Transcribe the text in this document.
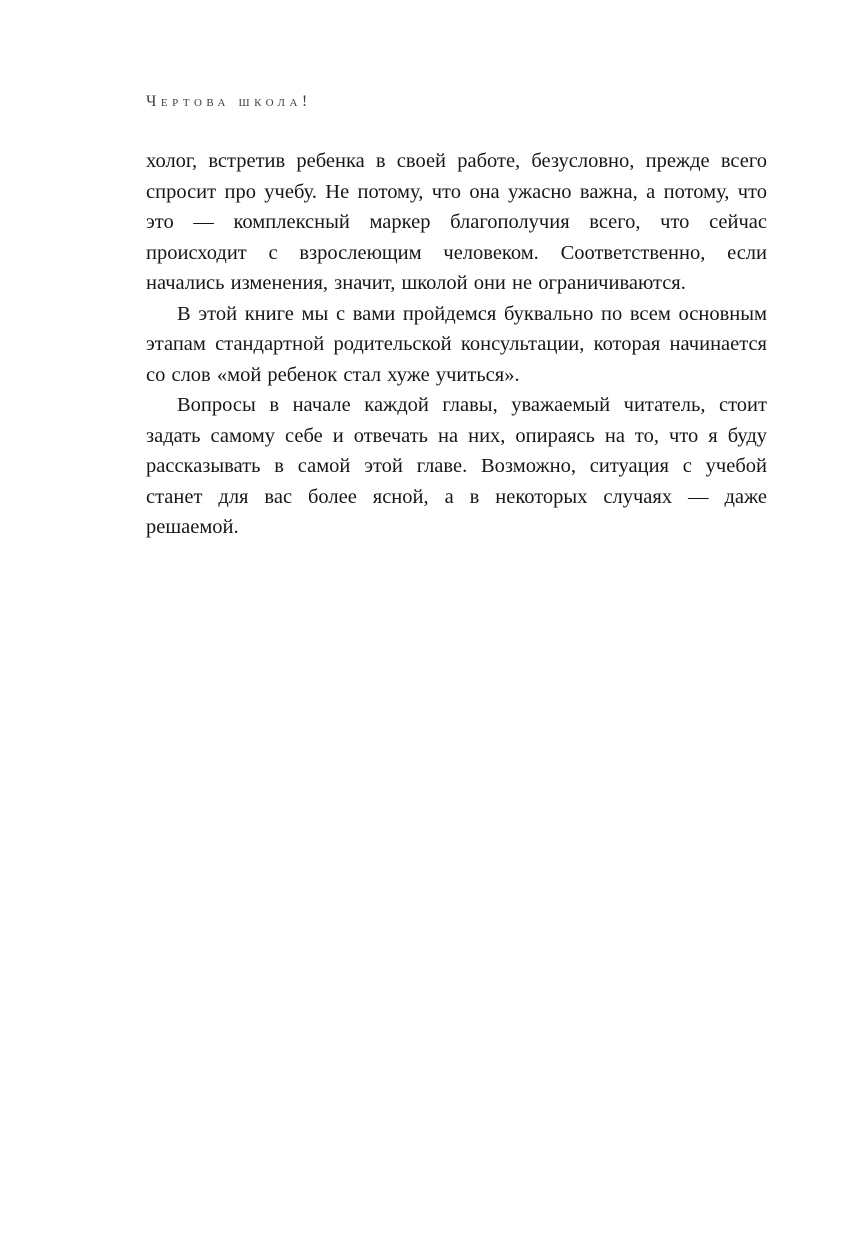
Чертова школа!

холог, встретив ребенка в своей работе, безусловно, прежде всего спросит про учебу. Не потому, что она ужасно важна, а потому, что это — комплексный маркер благополучия всего, что сейчас происходит с взрослеющим человеком. Соответственно, если начались изменения, значит, школой они не ограничиваются.

В этой книге мы с вами пройдемся буквально по всем основным этапам стандартной родительской консультации, которая начинается со слов «мой ребенок стал хуже учиться».

Вопросы в начале каждой главы, уважаемый читатель, стоит задать самому себе и отвечать на них, опираясь на то, что я буду рассказывать в самой этой главе. Возможно, ситуация с учебой станет для вас более ясной, а в некоторых случаях — даже решаемой.
